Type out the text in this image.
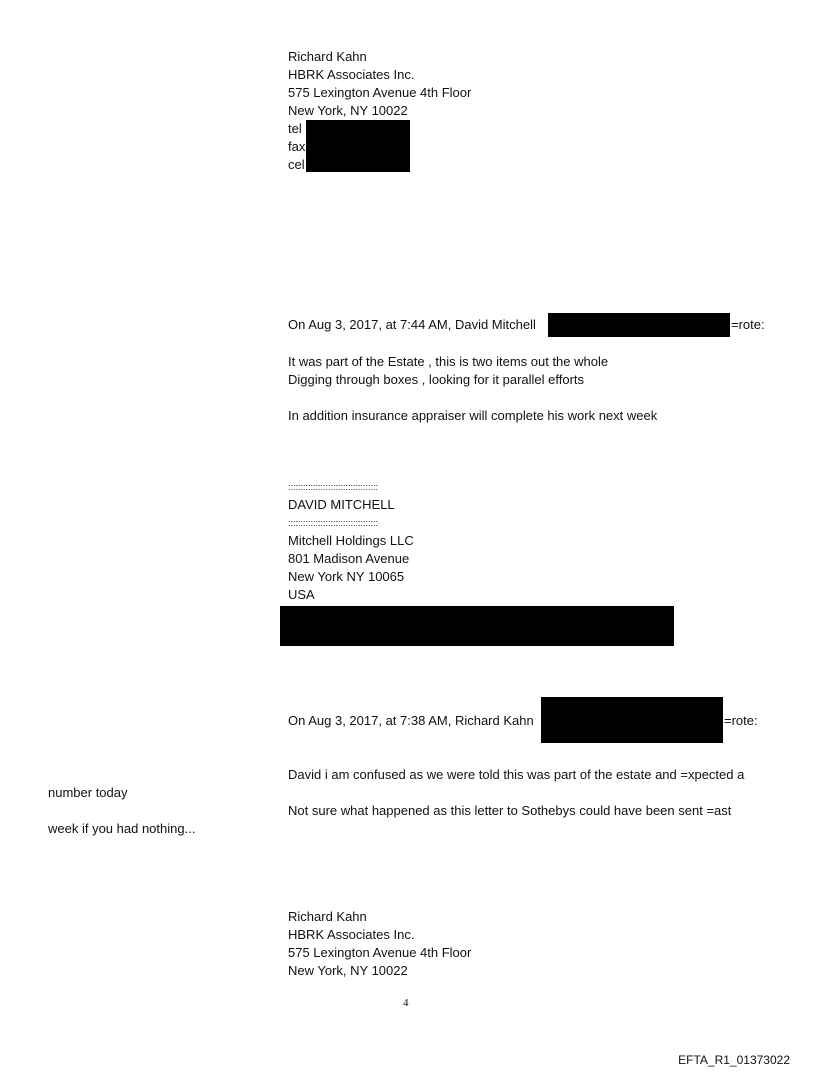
Richard Kahn
HBRK Associates Inc.
575 Lexington Avenue 4th Floor
New York, NY 10022
tel
fax
cel
On Aug 3, 2017, at 7:44 AM, David Mitchell	=rote:
It was part of the Estate , this is two items out the whole
Digging through boxes , looking for it parallel efforts
In addition insurance appraiser will complete his work next week
::::::::::::::::::::::::::::::::::::
DAVID MITCHELL
::::::::::::::::::::::::::::::::::::
Mitchell Holdings LLC
801 Madison Avenue
New York NY 10065
USA
On Aug 3, 2017, at 7:38 AM, Richard Kahn	=rote:
David i am confused as we were told this was part of the estate and =xpected a
number today
Not sure what happened as this letter to Sothebys could have been sent =ast
week if you had nothing...
Richard Kahn
HBRK Associates Inc.
575 Lexington Avenue 4th Floor
New York, NY 10022
4
EFTA_R1_01373022
